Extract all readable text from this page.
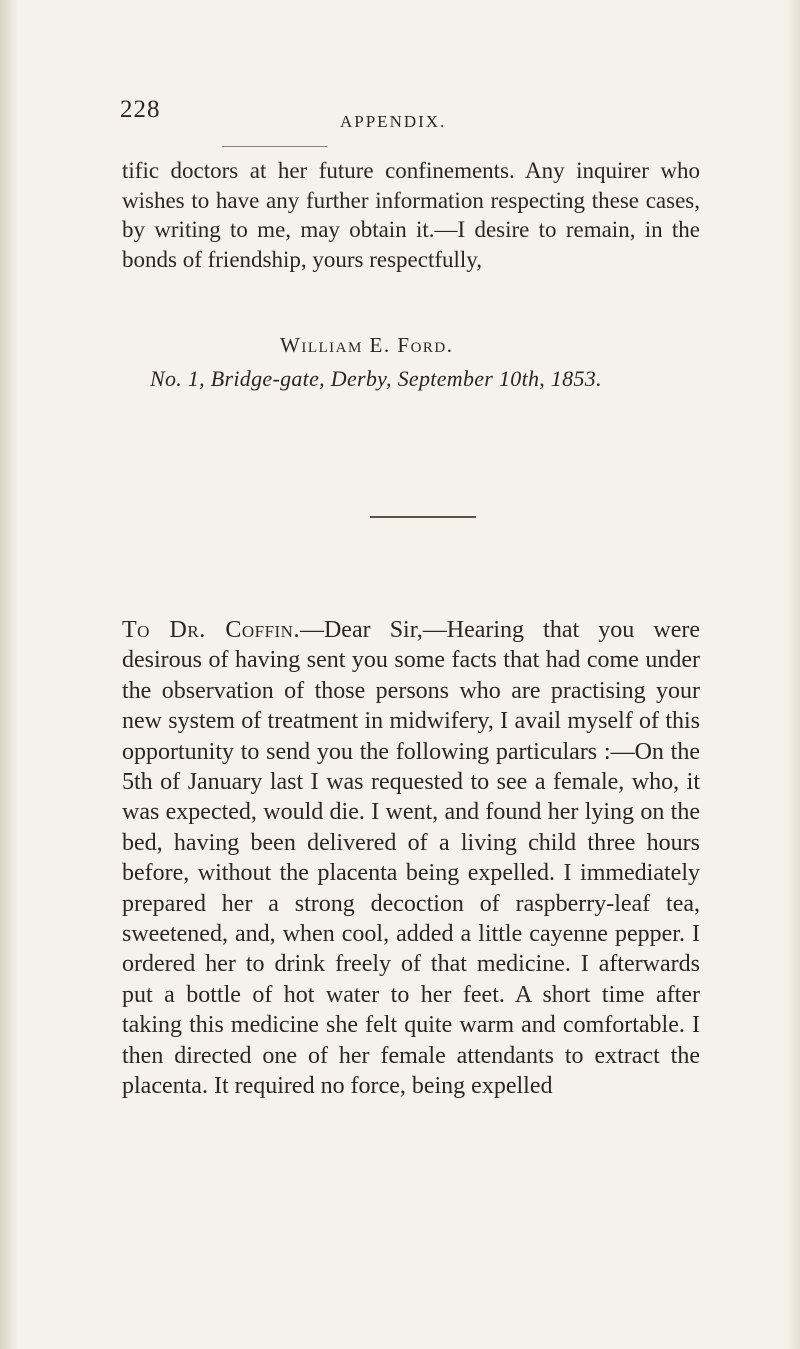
228	APPENDIX.

tific doctors at her future confinements. Any inquirer who wishes to have any further information respecting these cases, by writing to me, may obtain it.—I desire to remain, in the bonds of friendship, yours respectfully,

William E. Ford.
No. 1, Bridge-gate, Derby, September 10th, 1853.

To Dr. Coffin.—Dear Sir,—Hearing that you were desirous of having sent you some facts that had come under the observation of those persons who are practising your new system of treatment in midwifery, I avail myself of this opportunity to send you the following particulars :—On the 5th of January last I was requested to see a female, who, it was expected, would die. I went, and found her lying on the bed, having been delivered of a living child three hours before, without the placenta being expelled. I immediately prepared her a strong decoction of raspberry-leaf tea, sweetened, and, when cool, added a little cayenne pepper. I ordered her to drink freely of that medicine. I afterwards put a bottle of hot water to her feet. A short time after taking this medicine she felt quite warm and comfortable. I then directed one of her female attendants to extract the placenta. It required no force, being expelled
